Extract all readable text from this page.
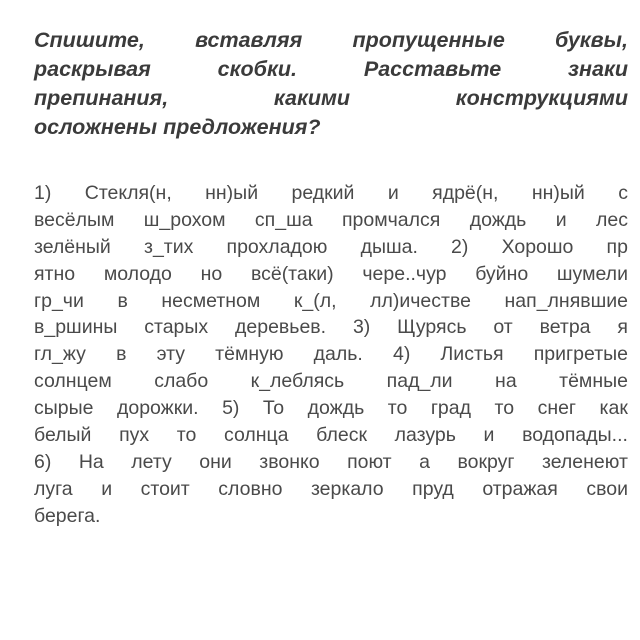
Спишите, вставляя пропущенные буквы,
раскрывая	скобки.	Расставьте	знаки
препинания,	какими	конструкциями
осложнены предложения?
1) Стекля(н, нн)ый редкий и ядрё(н, нн)ый с
весёлым ш_рохом сп_ша промчался дождь и лес
зелёный з_тих прохладою дыша. 2) Хорошо пр
ятно молодо но всё(таки) чере..чур буйно шумели
гр_чи в несметном к_(л, лл)ичестве нап_лнявшие
в_ршины старых деревьев. 3) Щурясь от ветра я
гл_жу в эту тёмную даль. 4) Листья пригретые
солнцем слабо к_леблясь пад_ли на тёмные
сырые дорожки. 5) То дождь то град то снег как
белый пух то солнца блеск лазурь и водопады...
6) На лету они звонко поют а вокруг зеленеют
луга и стоит словно зеркало пруд отражая свои
берега.
